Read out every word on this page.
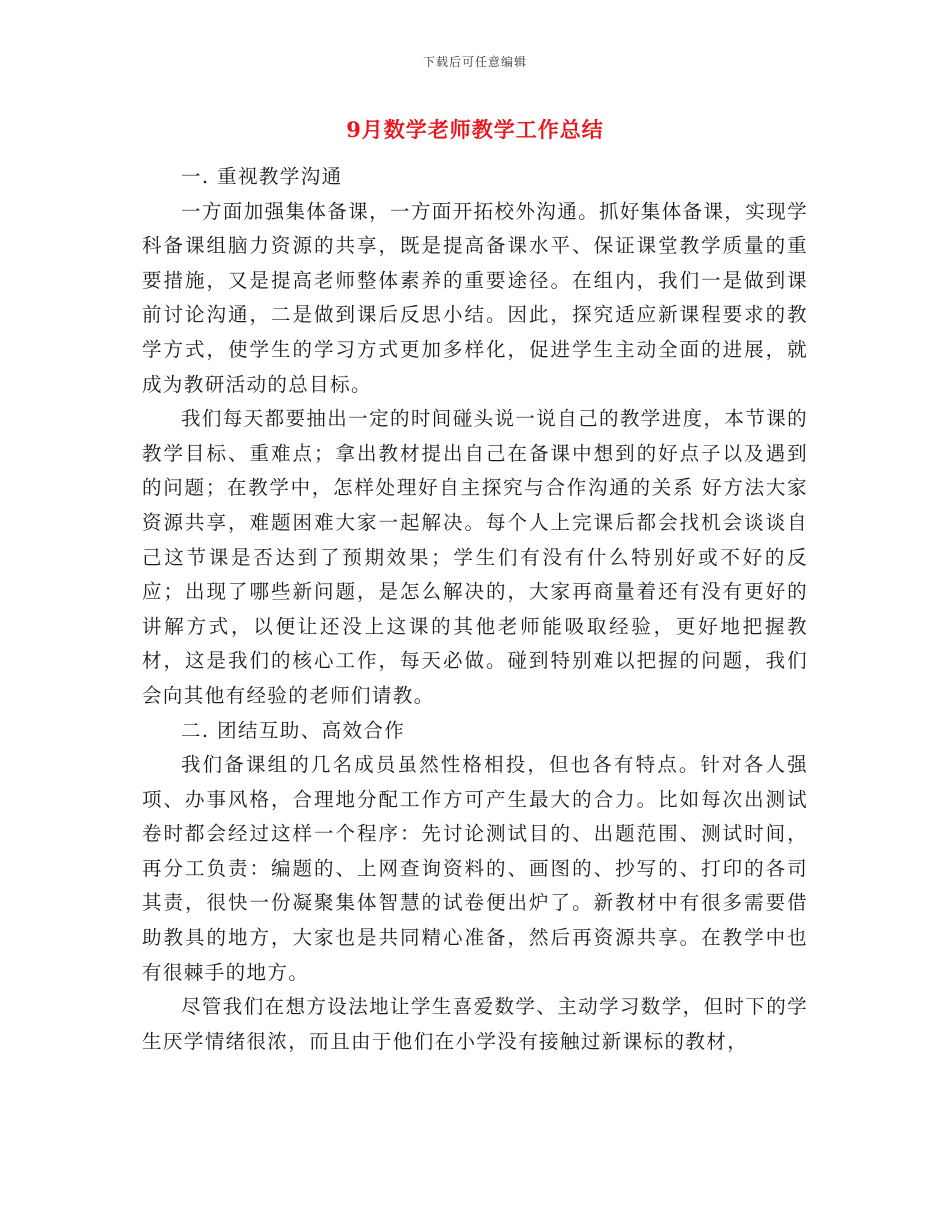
下载后可任意编辑
9月数学老师教学工作总结

一. 重视教学沟通

一方面加强集体备课，一方面开拓校外沟通。抓好集体备课，实现学科备课组脑力资源的共享，既是提高备课水平、保证课堂教学质量的重要措施，又是提高老师整体素养的重要途径。在组内，我们一是做到课前讨论沟通，二是做到课后反思小结。因此，探究适应新课程要求的教学方式，使学生的学习方式更加多样化，促进学生主动全面的进展，就成为教研活动的总目标。

我们每天都要抽出一定的时间碰头说一说自己的教学进度，本节课的教学目标、重难点；拿出教材提出自己在备课中想到的好点子以及遇到的问题；在教学中，怎样处理好自主探究与合作沟通的关系 好方法大家资源共享，难题困难大家一起解决。每个人上完课后都会找机会谈谈自己这节课是否达到了预期效果；学生们有没有什么特别好或不好的反应；出现了哪些新问题，是怎么解决的，大家再商量着还有没有更好的讲解方式，以便让还没上这课的其他老师能吸取经验，更好地把握教材，这是我们的核心工作，每天必做。碰到特别难以把握的问题，我们会向其他有经验的老师们请教。

二. 团结互助、高效合作

我们备课组的几名成员虽然性格相投，但也各有特点。针对各人强项、办事风格，合理地分配工作方可产生最大的合力。比如每次出测试卷时都会经过这样一个程序：先讨论测试目的、出题范围、测试时间，再分工负责：编题的、上网查询资料的、画图的、抄写的、打印的各司其责，很快一份凝聚集体智慧的试卷便出炉了。新教材中有很多需要借助教具的地方，大家也是共同精心准备，然后再资源共享。在教学中也有很棘手的地方。

尽管我们在想方设法地让学生喜爱数学、主动学习数学，但时下的学生厌学情绪很浓，而且由于他们在小学没有接触过新课标的教材，
